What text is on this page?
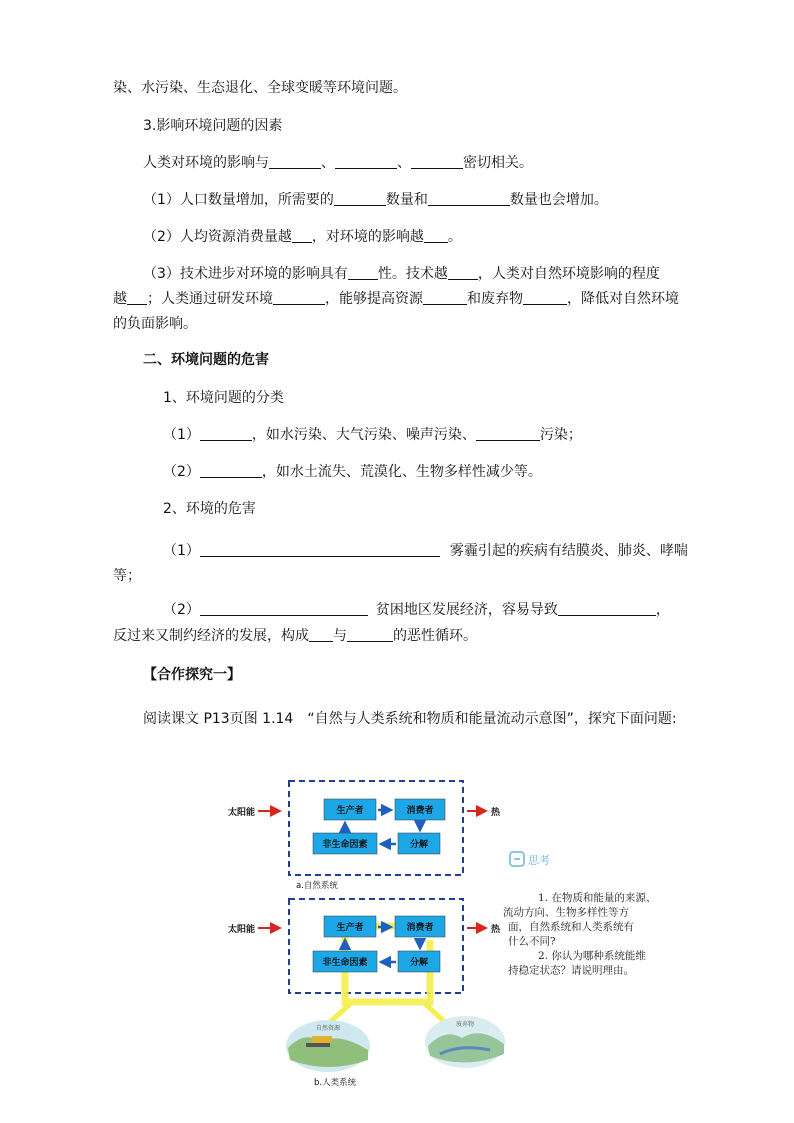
染、水污染、生态退化、全球变暖等环境问题。
3.影响环境问题的因素
人类对环境的影响与	、	、	密切相关。
（1）人口数量增加，所需要的	数量和	数量也会增加。
（2）人均资源消费量越 ，对环境的影响越 。
（3）技术进步对环境的影响具有 性。技术越 ，人类对自然环境影响的程度
越 ；人类通过研发环境	，能够提高资源	和废弃物	，降低对自然环境
的负面影响。
二、环境问题的危害
1、环境问题的分类
（1）	，如水污染、大气污染、噪声污染、	污染；
（2）	，如水土流失、荒漠化、生物多样性减少等。
2、环境的危害
（1）	雾霾引起的疾病有结膜炎、肺炎、哮喘
等；
（2）	贫困地区发展经济，容易导致	，
反过来又制约经济的发展，构成 与	的恶性循环。
【合作探究一】
阅读课文 P13页图 1.14　“自然与人类系统和物质和能量流动示意图”，探究下面问题:
太阳能	热
生产者	消费者
非生命因素	分解
a.自然系统
太阳能	热
生产者	消费者
非生命因素	分解
自然资源
废弃物
b.人类系统
思考
1. 在物质和能量的来源、
流动方向、生物多样性等方
面，自然系统和人类系统有
什么不同?
2. 你认为哪种系统能维
持稳定状态？请说明理由。
